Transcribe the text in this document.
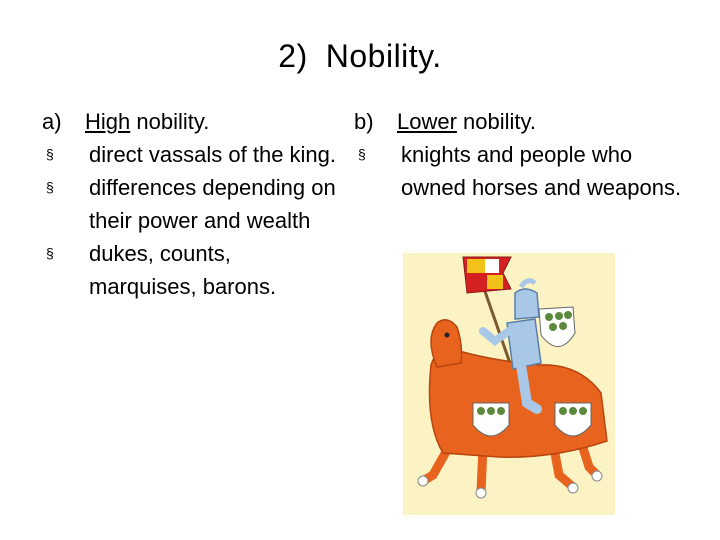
2) Nobility.
a)	High nobility.
§	direct vassals of the king.
§	differences depending on their power and wealth
§	dukes, counts, marquises, barons.
b)	Lower nobility.
§	knights and people who owned horses and weapons.
